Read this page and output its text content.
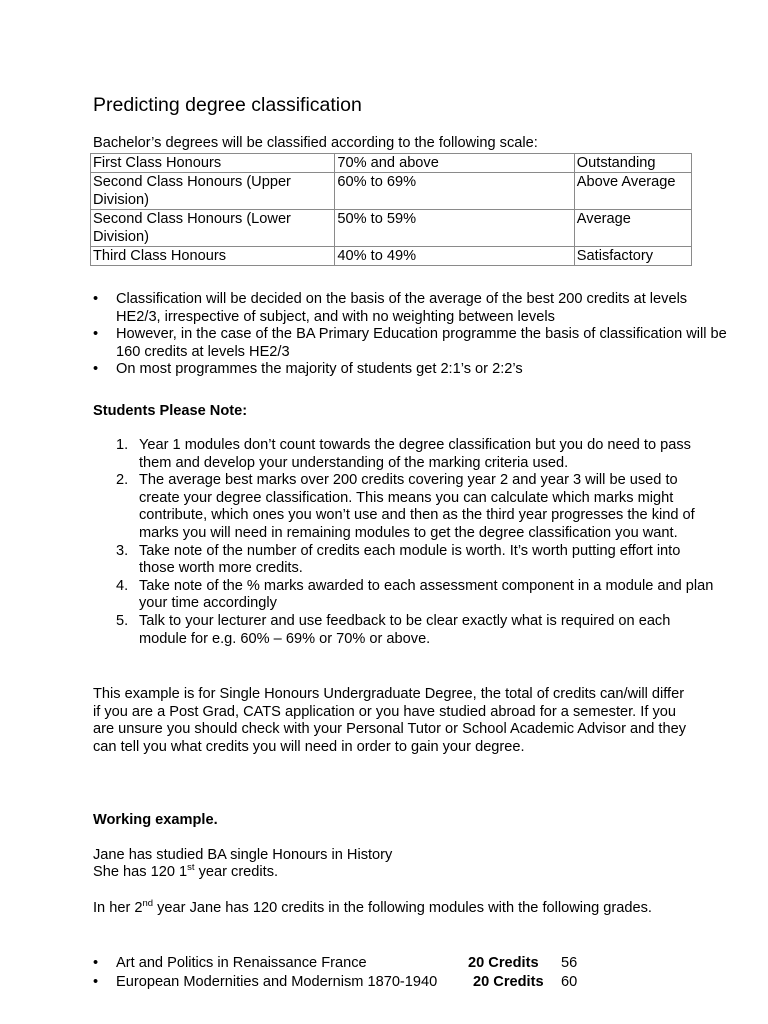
Predicting degree classification

Bachelor’s degrees will be classified according to the following scale:

First Class Honours	70% and above	Outstanding
Second Class Honours (Upper Division)	60% to 69%	Above Average
Second Class Honours (Lower Division)	50% to 59%	Average
Third Class Honours	40% to 49%	Satisfactory
• Classification will be decided on the basis of the average of the best 200 credits at levels HE2/3, irrespective of subject, and with no weighting between levels
• However, in the case of the BA Primary Education programme the basis of classification will be 160 credits at levels HE2/3
• On most programmes the majority of students get 2:1’s or 2:2’s

Students Please Note:

1. Year 1 modules don’t count towards the degree classification but you do need to pass them and develop your understanding of the marking criteria used.
2. The average best marks over 200 credits covering year 2 and year 3 will be used to create your degree classification. This means you can calculate which marks might contribute, which ones you won’t use and then as the third year progresses the kind of marks you will need in remaining modules to get the degree classification you want.
3. Take note of the number of credits each module is worth. It’s worth putting effort into those worth more credits.
4. Take note of the % marks awarded to each assessment component in a module and plan your time accordingly
5. Talk to your lecturer and use feedback to be clear exactly what is required on each module for e.g. 60% – 69% or 70% or above.

This example is for Single Honours Undergraduate Degree, the total of credits can/will differ if you are a Post Grad, CATS application or you have studied abroad for a semester. If you are unsure you should check with your Personal Tutor or School Academic Advisor and they can tell you what credits you will need in order to gain your degree.

Working example.

Jane has studied BA single Honours in History

She has 120 1st year credits.

In her 2nd year Jane has 120 credits in the following modules with the following grades.

• Art and Politics in Renaissance France	20 Credits 56
• European Modernities and Modernism 1870-1940 20 Credits 60
